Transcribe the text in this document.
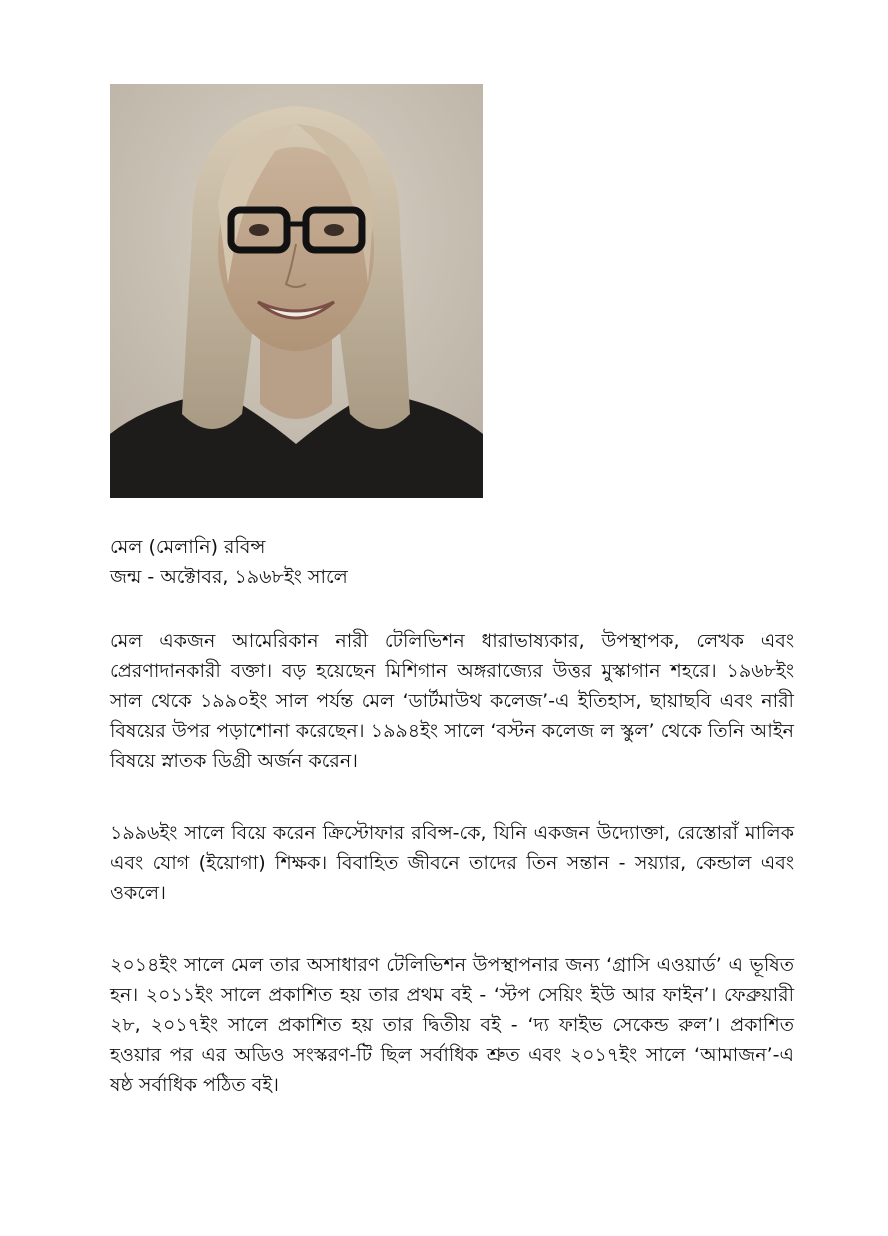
মেল (মেলানি) রবিন্স
জন্ম - অক্টোবর, ১৯৬৮ইং সালে

মেল একজন আমেরিকান নারী টেলিভিশন ধারাভাষ্যকার, উপস্থাপক, লেখক এবং প্রেরণাদানকারী বক্তা। বড় হয়েছেন মিশিগান অঙ্গরাজ্যের উত্তর মুস্কাগান শহরে। ১৯৬৮ইং সাল থেকে ১৯৯০ইং সাল পর্যন্ত মেল ‘ডার্টমাউথ কলেজ’-এ ইতিহাস, ছায়াছবি এবং নারী বিষয়ের উপর পড়াশোনা করেছেন। ১৯৯৪ইং সালে ‘বস্টন কলেজ ল স্কুল’ থেকে তিনি আইন বিষয়ে স্নাতক ডিগ্রী অর্জন করেন।

১৯৯৬ইং সালে বিয়ে করেন ক্রিস্টোফার রবিন্স-কে, যিনি একজন উদ্যোক্তা, রেস্তোরাঁ মালিক এবং যোগ (ইয়োগা) শিক্ষক। বিবাহিত জীবনে তাদের তিন সন্তান - সয়্যার, কেন্ডাল এবং ওকলে।

২০১৪ইং সালে মেল তার অসাধারণ টেলিভিশন উপস্থাপনার জন্য ‘গ্রাসি এওয়ার্ড’ এ ভূষিত হন। ২০১১ইং সালে প্রকাশিত হয় তার প্রথম বই - ‘স্টপ সেয়িং ইউ আর ফাইন’। ফেব্রুয়ারী ২৮, ২০১৭ইং সালে প্রকাশিত হয় তার দ্বিতীয় বই - ‘দ্য ফাইভ সেকেন্ড রুল’। প্রকাশিত হওয়ার পর এর অডিও সংস্করণ-টি ছিল সর্বাধিক শ্রুত এবং ২০১৭ইং সালে ‘আমাজন’-এ ষষ্ঠ সর্বাধিক পঠিত বই।
